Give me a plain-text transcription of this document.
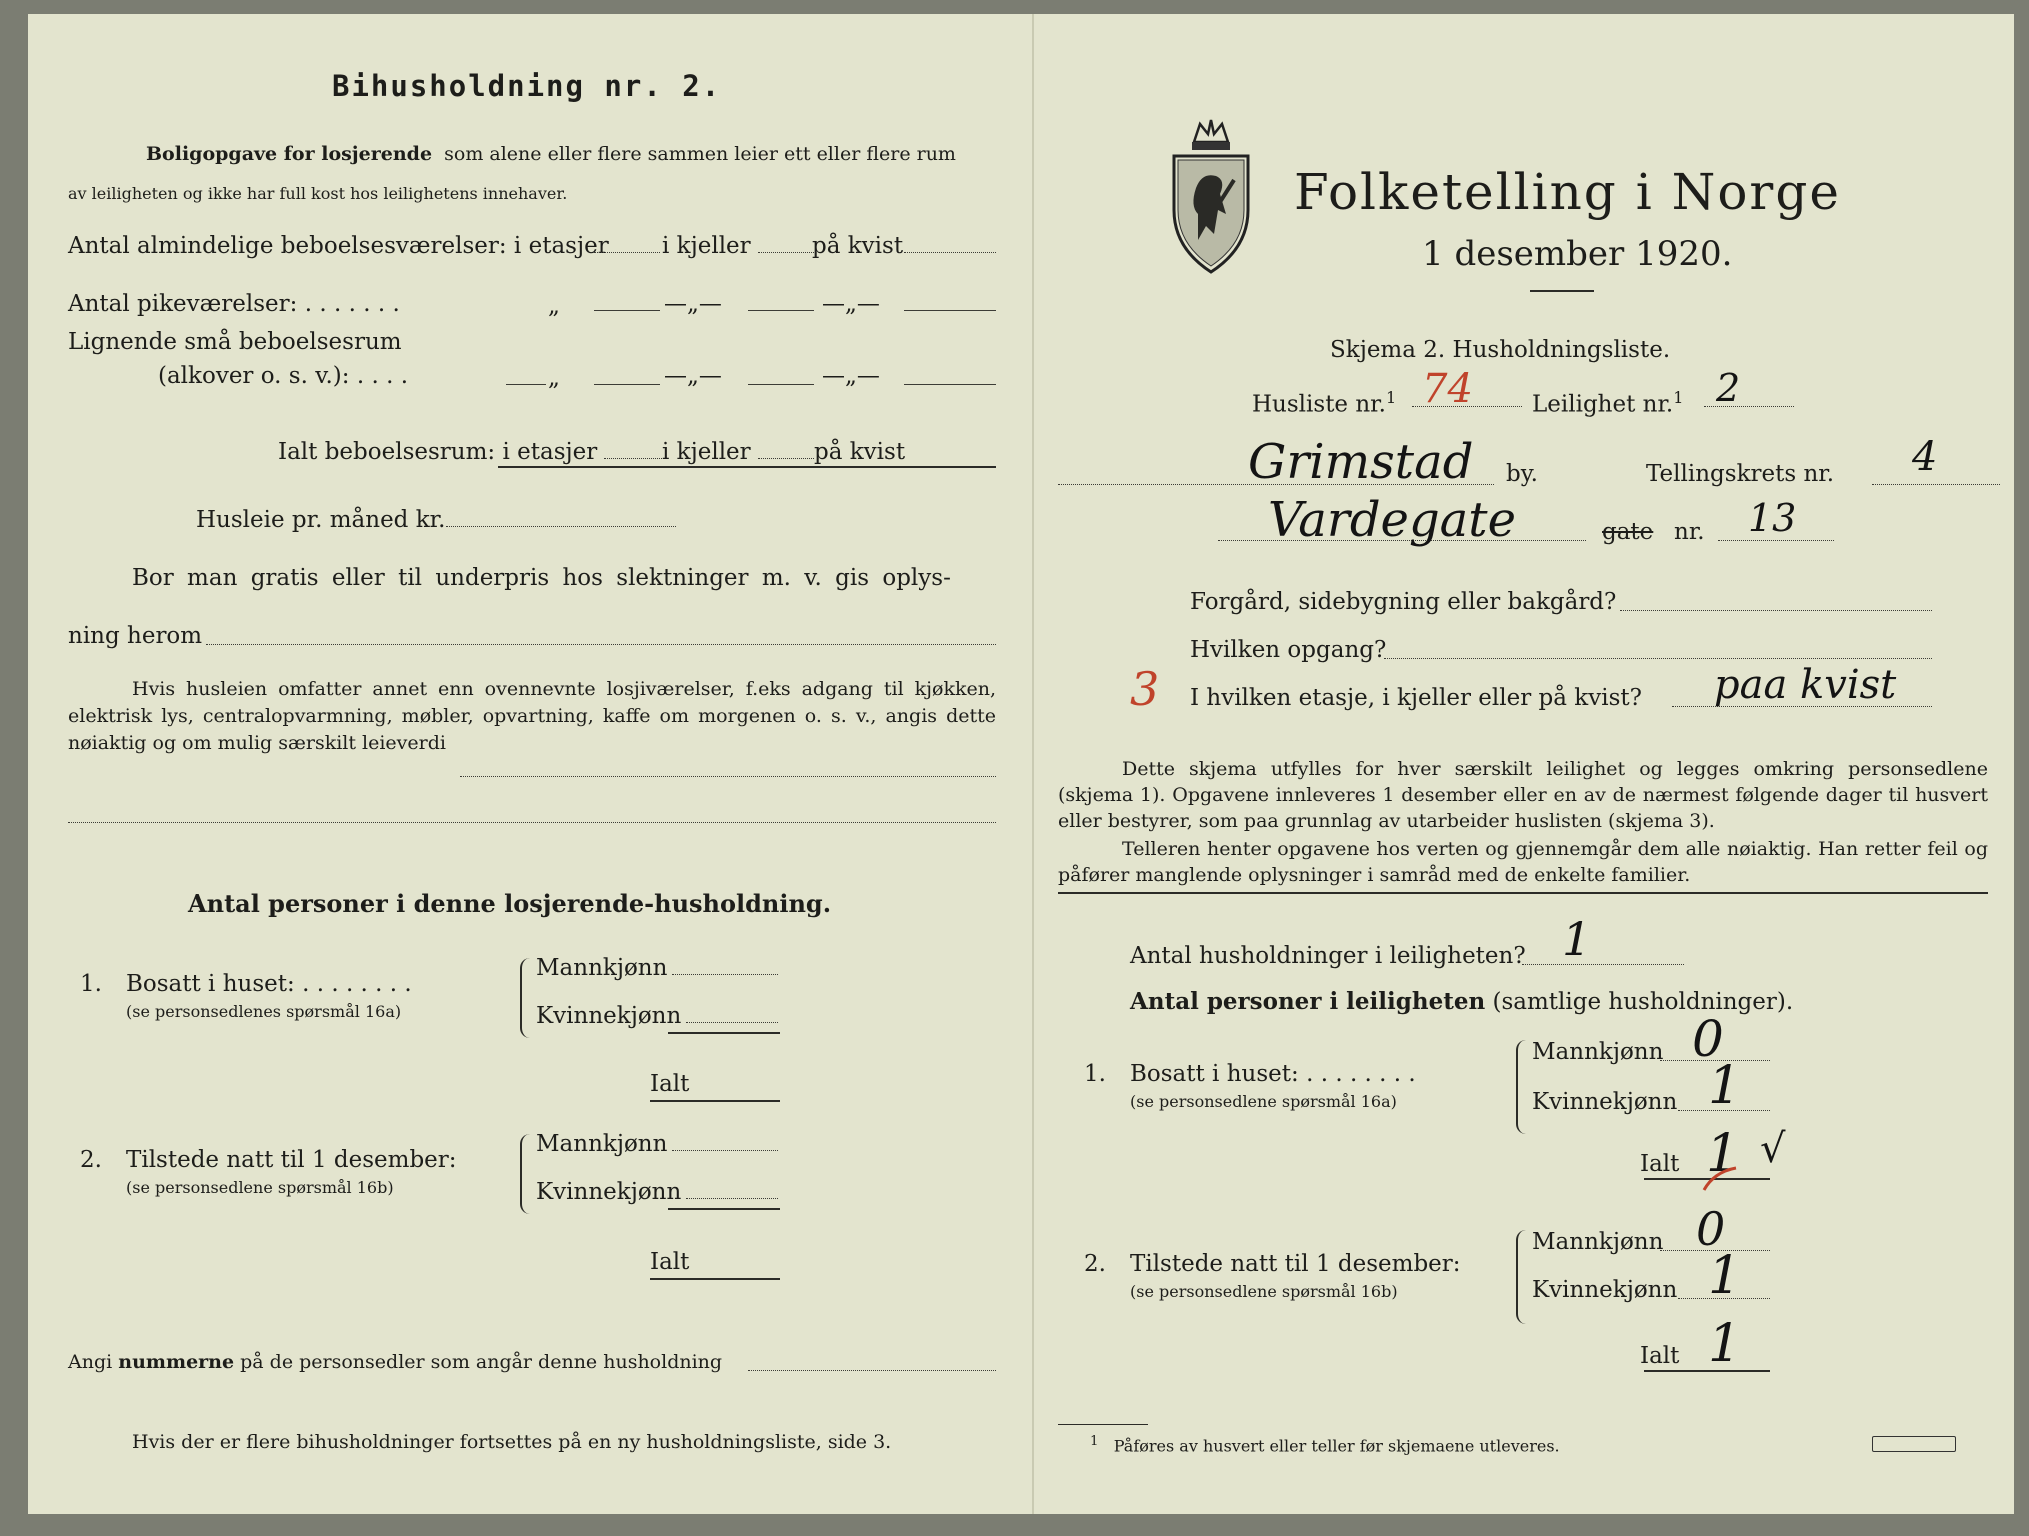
Bihusholdning nr. 2.
Boligopgave for losjerende som alene eller flere sammen leier ett eller flere rum
av leiligheten og ikke har full kost hos leilighetens innehaver.
Antal almindelige beboelsesværelser: i etasjer i kjeller	på kvist
Antal pikeværelser: . . . . . . .	„	—„—	—„—
Lignende små beboelsesrum
(alkover o. s. v.): . . . .	„	—„—	—„—
Ialt beboelsesrum: i etasjer	i kjeller	på kvist
Husleie pr. måned kr.
Bor man gratis eller til underpris hos slektninger m. v. gis oplys-
ning herom
Hvis husleien omfatter annet enn ovennevnte losjiværelser, f.eks adgang til kjøkken, elektrisk lys, centralopvarmning, møbler, opvartning, kaffe om morgenen o. s. v., angis dette nøiaktig og om mulig særskilt leieverdi
Antal personer i denne losjerende-husholdning.
1. Bosatt i huset: . . . . . . . .
(se personsedlenes spørsmål 16a)
Mannkjønn
Kvinnekjønn
Ialt
2. Tilstede natt til 1 desember:
(se personsedlene spørsmål 16b)
Mannkjønn
Kvinnekjønn
Ialt
Angi nummerne på de personsedler som angår denne husholdning
Hvis der er flere bihusholdninger fortsettes på en ny husholdningsliste, side 3.
Folketelling i Norge
1 desember 1920.
Skjema 2. Husholdningsliste.
Husliste nr.$^1$ 74	Leilighet nr.$^1$ 2
Grimstad by.	Tellingskrets nr. 4
Vardegate	gate nr. 13
Forgård, sidebygning eller bakgård?
Hvilken opgang?
3 I hvilken etasje, i kjeller eller på kvist? paa kvist
Dette skjema utfylles for hver særskilt leilighet og legges omkring personsedlene (skjema 1). Opgavene innleveres 1 desember eller en av de nærmest følgende dager til husvert eller bestyrer, som paa grunnlag av utarbeider huslisten (skjema 3).
Telleren henter opgavene hos verten og gjennemgår dem alle nøiaktig. Han retter feil og påfører manglende oplysninger i samråd med de enkelte familier.
Antal husholdninger i leiligheten? 1
Antal personer i leiligheten (samtlige husholdninger).
1. Bosatt i huset: . . . . . . . .
(se personsedlene spørsmål 16a)
Mannkjønn 0
Kvinnekjønn 1
Ialt 1 √
2. Tilstede natt til 1 desember:
(se personsedlene spørsmål 16b)
Mannkjønn 0
Kvinnekjønn 1
Ialt 1
$^1$ Påføres av husvert eller teller før skjemaene utleveres.
